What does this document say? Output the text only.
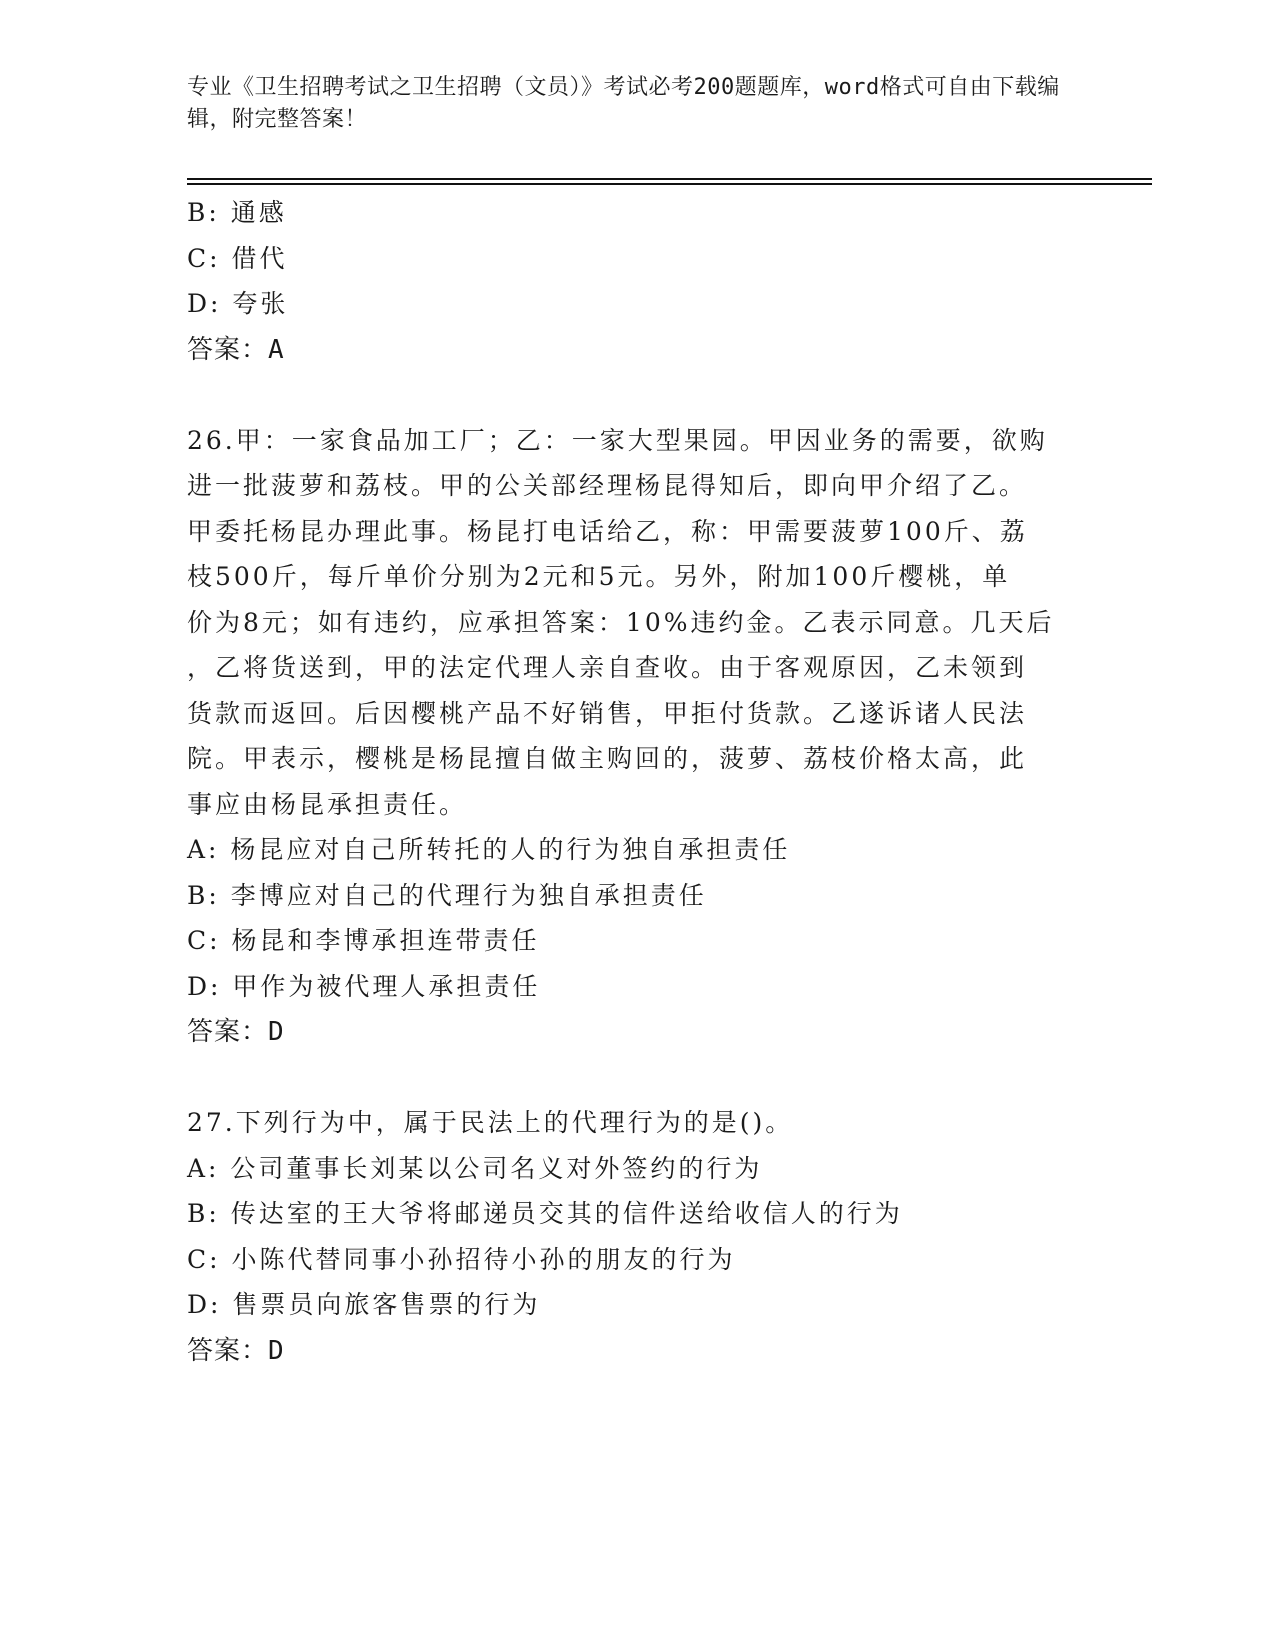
专业《卫生招聘考试之卫生招聘（文员）》考试必考200题题库，word格式可自由下载编辑，附完整答案！
B: 通感
C: 借代
D: 夸张
答案：A
26.甲：一家食品加工厂；乙：一家大型果园。甲因业务的需要，欲购
进一批菠萝和荔枝。甲的公关部经理杨昆得知后，即向甲介绍了乙。
甲委托杨昆办理此事。杨昆打电话给乙，称：甲需要菠萝100斤、荔
枝500斤，每斤单价分别为2元和5元。另外，附加100斤樱桃，单
价为8元；如有违约，应承担答案：10%违约金。乙表示同意。几天后
，乙将货送到，甲的法定代理人亲自查收。由于客观原因，乙未领到
货款而返回。后因樱桃产品不好销售，甲拒付货款。乙遂诉诸人民法
院。甲表示，樱桃是杨昆擅自做主购回的，菠萝、荔枝价格太高，此
事应由杨昆承担责任。
A: 杨昆应对自己所转托的人的行为独自承担责任
B: 李博应对自己的代理行为独自承担责任
C: 杨昆和李博承担连带责任
D: 甲作为被代理人承担责任
答案：D
27.下列行为中，属于民法上的代理行为的是()。
A: 公司董事长刘某以公司名义对外签约的行为
B: 传达室的王大爷将邮递员交其的信件送给收信人的行为
C: 小陈代替同事小孙招待小孙的朋友的行为
D: 售票员向旅客售票的行为
答案：D
